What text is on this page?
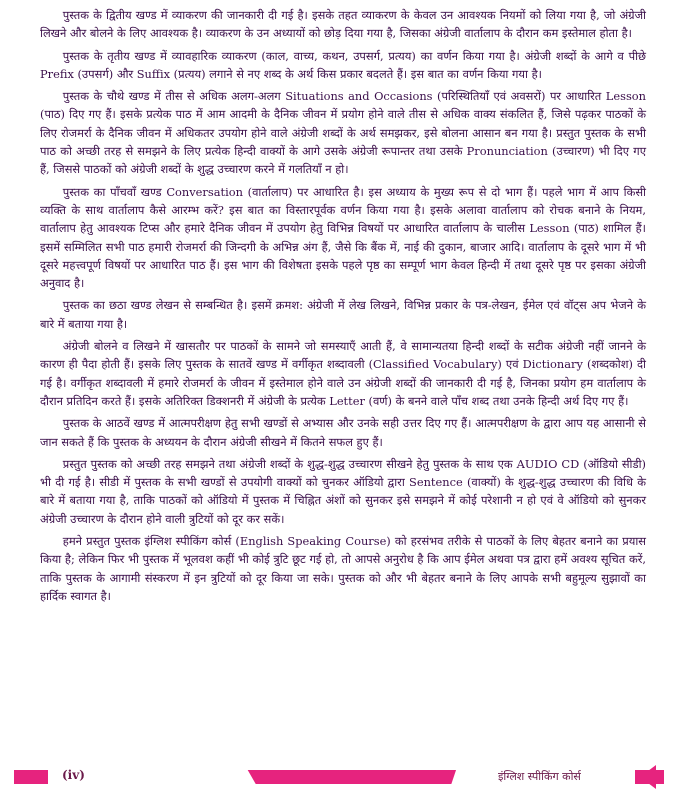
पुस्तक के द्वितीय खण्ड में व्याकरण की जानकारी दी गई है। इसके तहत व्याकरण के केवल उन आवश्यक नियमों को लिया गया है, जो अंग्रेजी लिखने और बोलने के लिए आवश्यक है। व्याकरण के उन अध्यायों को छोड़ दिया गया है, जिसका अंग्रेजी वार्तालाप के दौरान कम इस्तेमाल होता है।

पुस्तक के तृतीय खण्ड में व्यावहारिक व्याकरण (काल, वाच्य, कथन, उपसर्ग, प्रत्यय) का वर्णन किया गया है। अंग्रेजी शब्दों के आगे व पीछे Prefix (उपसर्ग) और Suffix (प्रत्यय) लगाने से नए शब्द के अर्थ किस प्रकार बदलते हैं। इस बात का वर्णन किया गया है।

पुस्तक के चौथे खण्ड में तीस से अधिक अलग-अलग Situations and Occasions (परिस्थितियाँ एवं अवसरों) पर आधारित Lesson (पाठ) दिए गए हैं। इसके प्रत्येक पाठ में आम आदमी के दैनिक जीवन में प्रयोग होने वाले तीस से अधिक वाक्य संकलित हैं, जिसे पढ़कर पाठकों के लिए रोजमर्रा के दैनिक जीवन में अधिकतर उपयोग होने वाले अंग्रेजी शब्दों के अर्थ समझकर, इसे बोलना आसान बन गया है। प्रस्तुत पुस्तक के सभी पाठ को अच्छी तरह से समझने के लिए प्रत्येक हिन्दी वाक्यों के आगे उसके अंग्रेजी रूपान्तर तथा उसके Pronunciation (उच्चारण) भी दिए गए हैं, जिससे पाठकों को अंग्रेजी शब्दों के शुद्ध उच्चारण करने में गलतियाँ न हो।

पुस्तक का पाँचवाँ खण्ड Conversation (वार्तालाप) पर आधारित है। इस अध्याय के मुख्य रूप से दो भाग हैं। पहले भाग में आप किसी व्यक्ति के साथ वार्तालाप कैसे आरम्भ करें? इस बात का विस्तारपूर्वक वर्णन किया गया है। इसके अलावा वार्तालाप को रोचक बनाने के नियम, वार्तालाप हेतु आवश्यक टिप्स और हमारे दैनिक जीवन में उपयोग हेतु विभिन्न विषयों पर आधारित वार्तालाप के चालीस Lesson (पाठ) शामिल हैं। इसमें सम्मिलित सभी पाठ हमारी रोजमर्रा की जिन्दगी के अभिन्न अंग हैं, जैसे कि बैंक में, नाई की दुकान, बाजार आदि। वार्तालाप के दूसरे भाग में भी दूसरे महत्त्वपूर्ण विषयों पर आधारित पाठ हैं। इस भाग की विशेषता इसके पहले पृष्ठ का सम्पूर्ण भाग केवल हिन्दी में तथा दूसरे पृष्ठ पर इसका अंग्रेजी अनुवाद है।

पुस्तक का छठा खण्ड लेखन से सम्बन्धित है। इसमें क्रमश: अंग्रेजी में लेख लिखने, विभिन्न प्रकार के पत्र-लेखन, ईमेल एवं वॉट्स अप भेजने के बारे में बताया गया है।

अंग्रेजी बोलने व लिखने में खासतौर पर पाठकों के सामने जो समस्याएँ आती हैं, वे सामान्यतया हिन्दी शब्दों के सटीक अंग्रेजी नहीं जानने के कारण ही पैदा होती हैं। इसके लिए पुस्तक के सातवें खण्ड में वर्गीकृत शब्दावली (Classified Vocabulary) एवं Dictionary (शब्दकोश) दी गई है। वर्गीकृत शब्दावली में हमारे रोजमर्रा के जीवन में इस्तेमाल होने वाले उन अंग्रेजी शब्दों की जानकारी दी गई है, जिनका प्रयोग हम वार्तालाप के दौरान प्रतिदिन करते हैं। इसके अतिरिक्त डिक्शनरी में अंग्रेजी के प्रत्येक Letter (वर्ण) के बनने वाले पाँच शब्द तथा उनके हिन्दी अर्थ दिए गए हैं।

पुस्तक के आठवें खण्ड में आत्मपरीक्षण हेतु सभी खण्डों से अभ्यास और उनके सही उत्तर दिए गए हैं। आत्मपरीक्षण के द्वारा आप यह आसानी से जान सकते हैं कि पुस्तक के अध्ययन के दौरान अंग्रेजी सीखने में कितने सफल हुए हैं।

प्रस्तुत पुस्तक को अच्छी तरह समझने तथा अंग्रेजी शब्दों के शुद्ध-शुद्ध उच्चारण सीखने हेतु पुस्तक के साथ एक AUDIO CD (ऑडियो सीडी) भी दी गई है। सीडी में पुस्तक के सभी खण्डों से उपयोगी वाक्यों को चुनकर ऑडियो द्वारा Sentence (वाक्यों) के शुद्ध-शुद्ध उच्चारण की विधि के बारे में बताया गया है, ताकि पाठकों को ऑडियो में पुस्तक में चिह्नित अंशों को सुनकर इसे समझने में कोई परेशानी न हो एवं वे ऑडियो को सुनकर अंग्रेजी उच्चारण के दौरान होने वाली त्रुटियों को दूर कर सकें।

हमने प्रस्तुत पुस्तक इंग्लिश स्पीकिंग कोर्स (English Speaking Course) को हरसंभव तरीके से पाठकों के लिए बेहतर बनाने का प्रयास किया है; लेकिन फिर भी पुस्तक में भूलवश कहीं भी कोई त्रुटि छूट गई हो, तो आपसे अनुरोध है कि आप ईमेल अथवा पत्र द्वारा हमें अवश्य सूचित करें, ताकि पुस्तक के आगामी संस्करण में इन त्रुटियों को दूर किया जा सके। पुस्तक को और भी बेहतर बनाने के लिए आपके सभी बहुमूल्य सुझावों का हार्दिक स्वागत है।

(iv)	इंग्लिश स्पीकिंग कोर्स
